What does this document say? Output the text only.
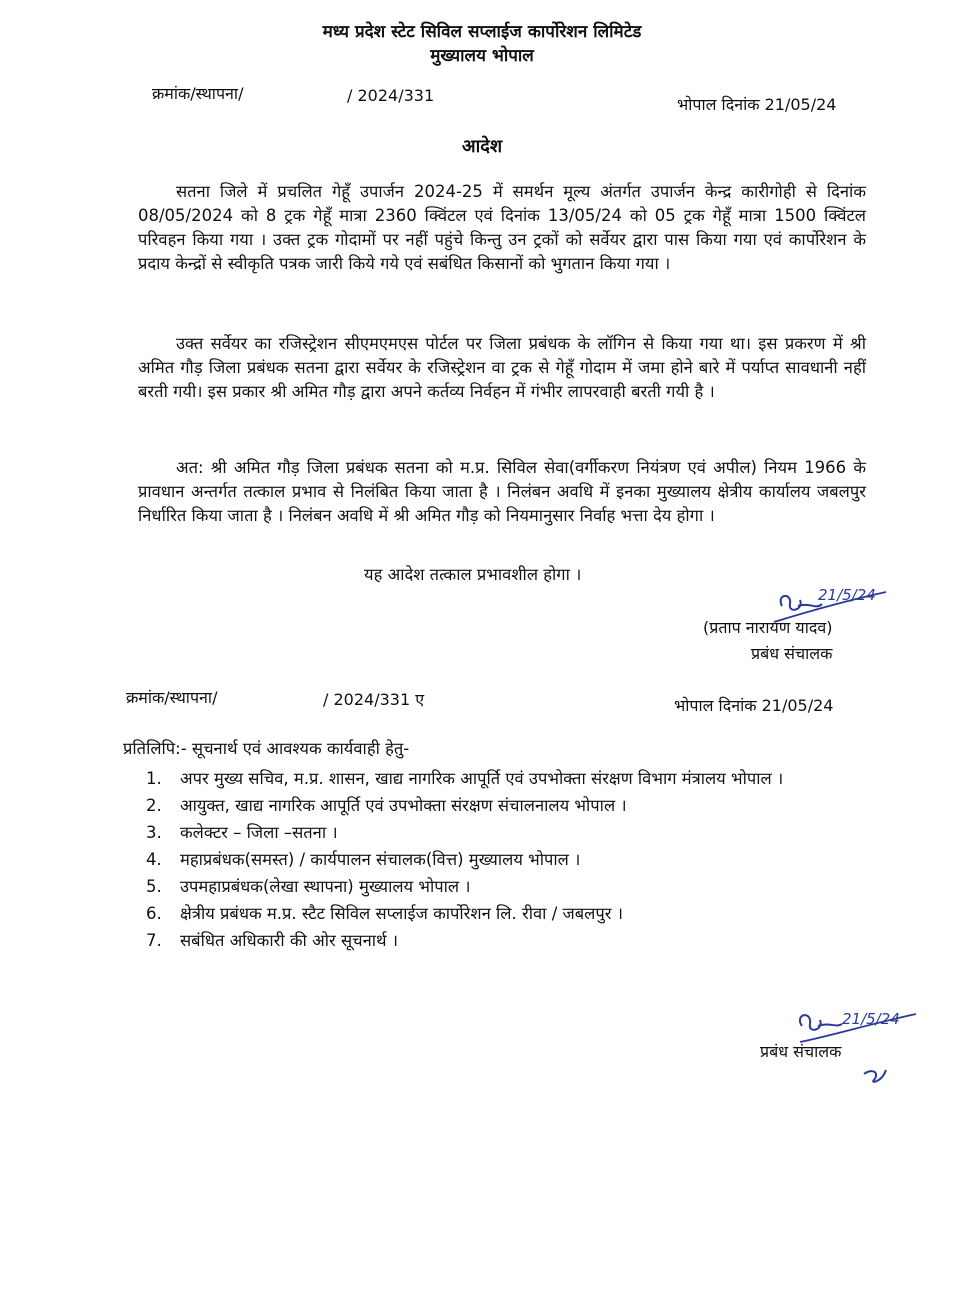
मध्य प्रदेश स्टेट सिविल सप्लाईज कार्पोरेशन लिमिटेड
मुख्यालय भोपाल
क्रमांक/स्थापना/	/ 2024/331	भोपाल दिनांक 21/05/24
आदेश

सतना जिले में प्रचलित गेहूँ उपार्जन 2024-25 में समर्थन मूल्य अंतर्गत उपार्जन केन्द्र कारीगोही से दिनांक 08/05/2024 को 8 ट्रक गेहूँ मात्रा 2360 क्विंटल एवं दिनांक 13/05/24 को 05 ट्रक गेहूँ मात्रा 1500 क्विंटल परिवहन किया गया । उक्त ट्रक गोदामों पर नहीं पहुंचे किन्तु उन ट्रकों को सर्वेयर द्वारा पास किया गया एवं कार्पोरेशन के प्रदाय केन्द्रों से स्वीकृति पत्रक जारी किये गये एवं सबंधित किसानों को भुगतान किया गया ।

उक्त सर्वेयर का रजिस्ट्रेशन सीएमएमएस पोर्टल पर जिला प्रबंधक के लॉगिन से किया गया था। इस प्रकरण में श्री अमित गौड़ जिला प्रबंधक सतना द्वारा सर्वेयर के रजिस्ट्रेशन वा ट्रक से गेहूँ गोदाम में जमा होने बारे में पर्याप्त सावधानी नहीं बरती गयी। इस प्रकार श्री अमित गौड़ द्वारा अपने कर्तव्य निर्वहन में गंभीर लापरवाही बरती गयी है ।

अत: श्री अमित गौड़ जिला प्रबंधक सतना को म.प्र. सिविल सेवा(वर्गीकरण नियंत्रण एवं अपील) नियम 1966 के प्रावधान अन्तर्गत तत्काल प्रभाव से निलंबित किया जाता है । निलंबन अवधि में इनका मुख्यालय क्षेत्रीय कार्यालय जबलपुर निर्धारित किया जाता है । निलंबन अवधि में श्री अमित गौड़ को नियमानुसार निर्वाह भत्ता देय होगा ।

यह आदेश तत्काल प्रभावशील होगा ।
21/5/24
(प्रताप नारायण यादव)
प्रबंध संचालक
क्रमांक/स्थापना/	/ 2024/331 ए	भोपाल दिनांक 21/05/24
प्रतिलिपि:- सूचनार्थ एवं आवश्यक कार्यवाही हेतु-
1.	अपर मुख्य सचिव, म.प्र. शासन, खाद्य नागरिक आपूर्ति एवं उपभोक्ता संरक्षण विभाग मंत्रालय भोपाल ।
2.	आयुक्त, खाद्य नागरिक आपूर्ति एवं उपभोक्ता संरक्षण संचालनालय भोपाल ।
3.	कलेक्टर – जिला –सतना ।
4.	महाप्रबंधक(समस्त) / कार्यपालन संचालक(वित्त) मुख्यालय भोपाल ।
5.	उपमहाप्रबंधक(लेखा स्थापना) मुख्यालय भोपाल ।
6.	क्षेत्रीय प्रबंधक म.प्र. स्टैट सिविल सप्लाईज कार्पोरेशन लि. रीवा / जबलपुर ।
7.	सबंधित अधिकारी की ओर सूचनार्थ ।
21/5/24
प्रबंध संचालक
